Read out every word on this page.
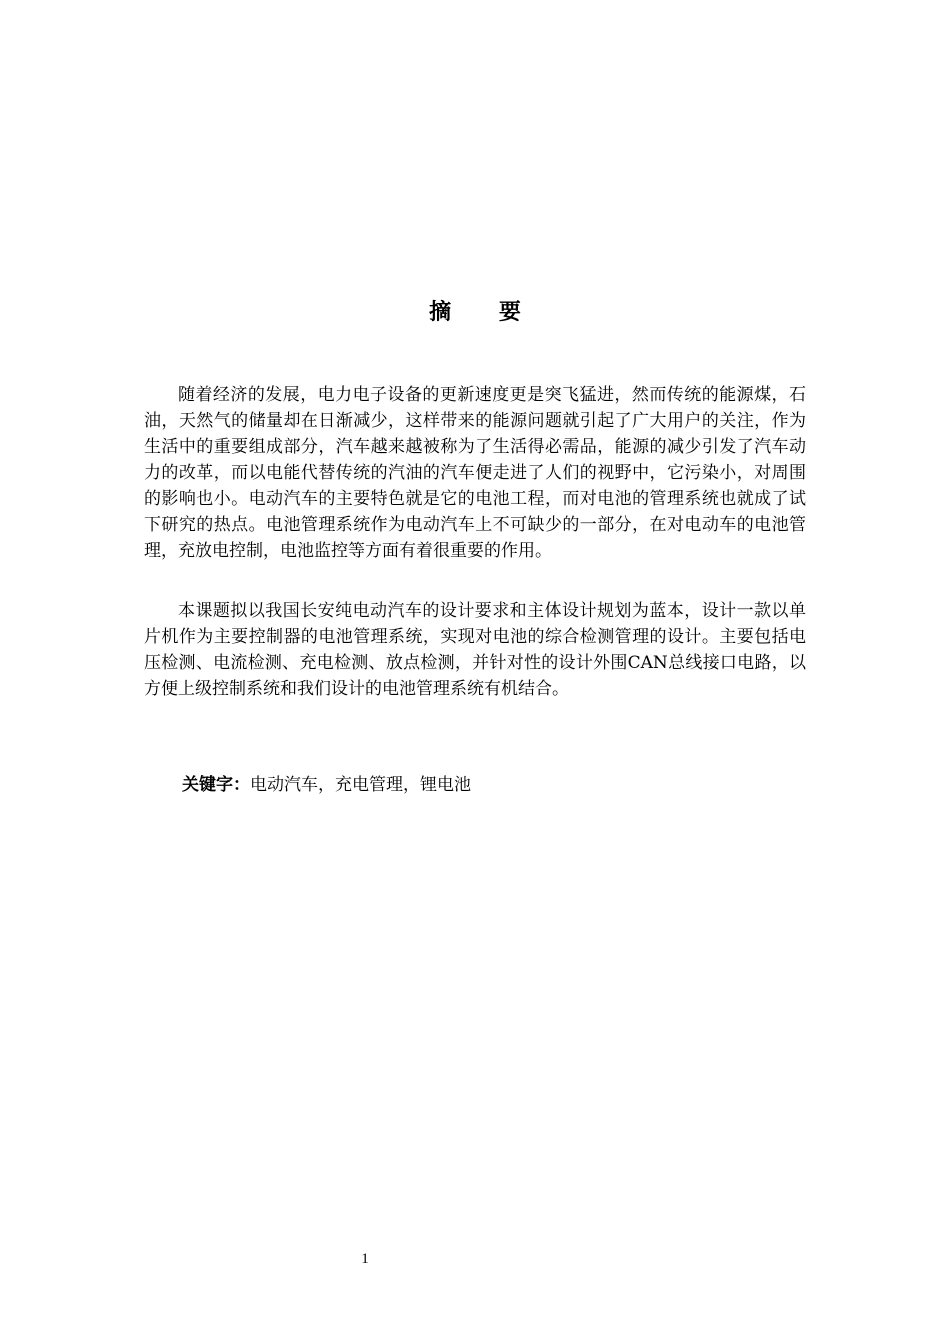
摘 要

随着经济的发展，电力电子设备的更新速度更是突飞猛进，然而传统的能源煤，石油，天然气的储量却在日渐减少，这样带来的能源问题就引起了广大用户的关注，作为生活中的重要组成部分，汽车越来越被称为了生活得必需品，能源的减少引发了汽车动力的改革，而以电能代替传统的汽油的汽车便走进了人们的视野中，它污染小，对周围的影响也小。电动汽车的主要特色就是它的电池工程，而对电池的管理系统也就成了试下研究的热点。电池管理系统作为电动汽车上不可缺少的一部分，在对电动车的电池管理，充放电控制，电池监控等方面有着很重要的作用。

本课题拟以我国长安纯电动汽车的设计要求和主体设计规划为蓝本，设计一款以单片机作为主要控制器的电池管理系统，实现对电池的综合检测管理的设计。主要包括电压检测、电流检测、充电检测、放点检测，并针对性的设计外围CAN总线接口电路，以方便上级控制系统和我们设计的电池管理系统有机结合。

关键字：电动汽车，充电管理，锂电池
1
